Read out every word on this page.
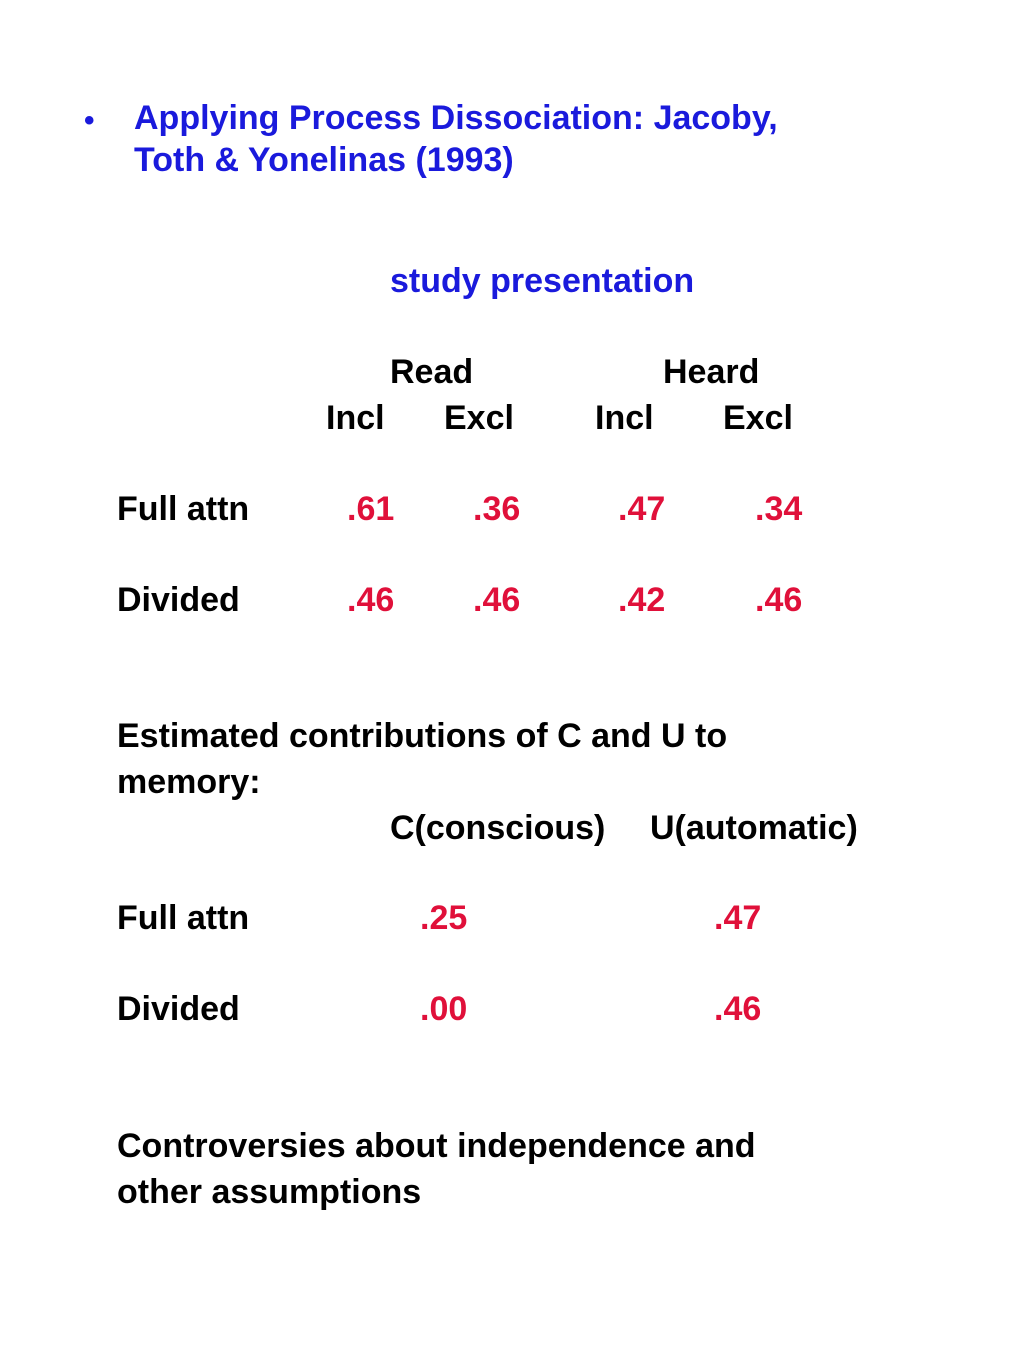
• Applying Process Dissociation: Jacoby,
Toth & Yonelinas (1993)
study presentation
Read	Heard
Incl Excl Incl Excl
Full attn	.61 .36	.47	.34
Divided	.46 .46	.42	.46
Estimated contributions of C and U to
memory:
C(conscious) U(automatic)
Full attn	.25	.47
Divided	.00	.46
Controversies about independence and
other assumptions
